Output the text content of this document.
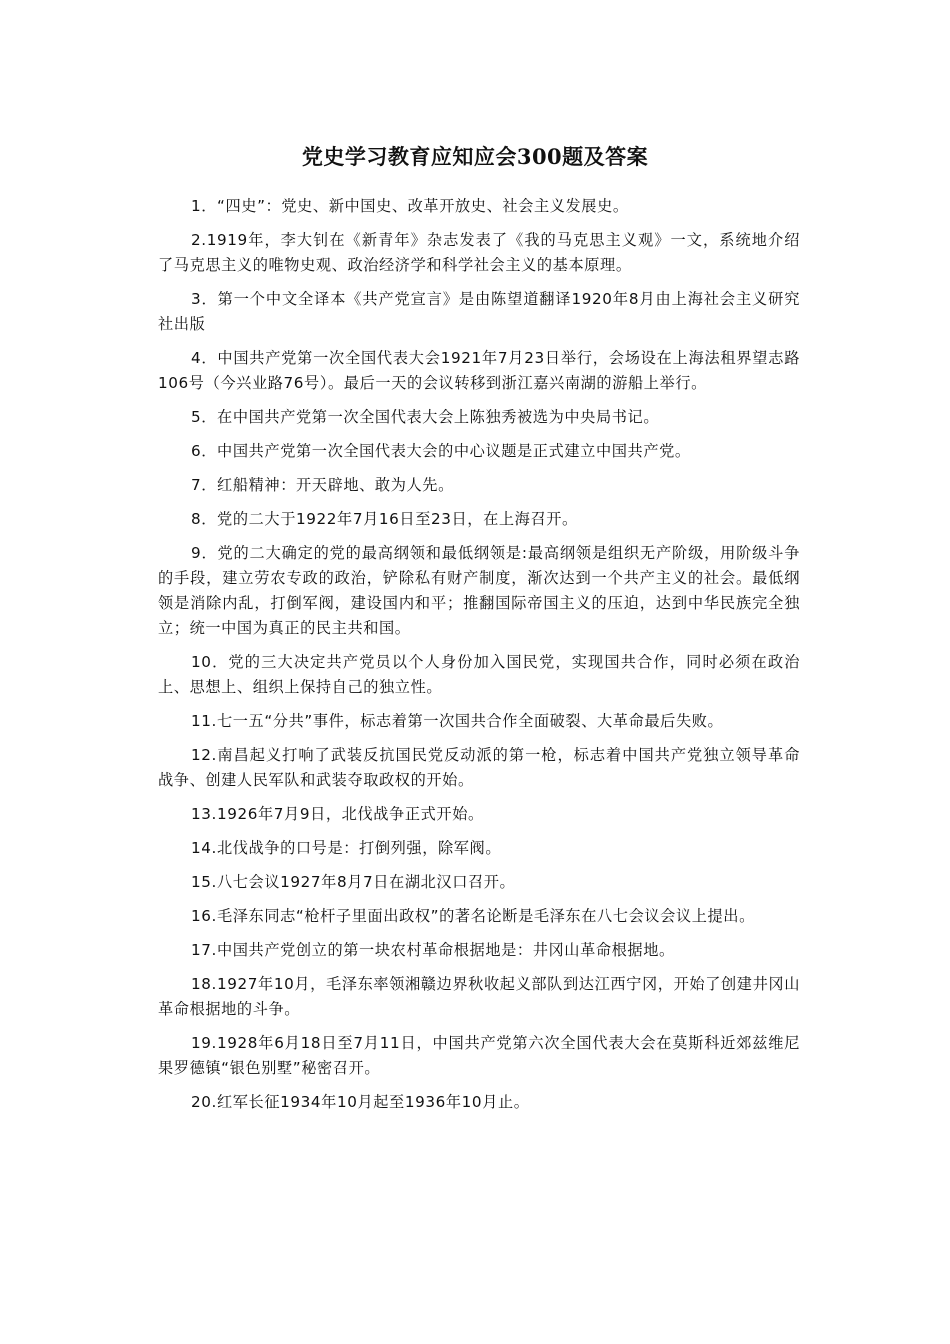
党史学习教育应知应会300题及答案

1．“四史”：党史、新中国史、改革开放史、社会主义发展史。

2.1919年，李大钊在《新青年》杂志发表了《我的马克思主义观》一文，系统地介绍了马克思主义的唯物史观、政治经济学和科学社会主义的基本原理。

3．第一个中文全译本《共产党宣言》是由陈望道翻译1920年8月由上海社会主义研究社出版

4．中国共产党第一次全国代表大会1921年7月23日举行，会场设在上海法租界望志路106号（今兴业路76号）。最后一天的会议转移到浙江嘉兴南湖的游船上举行。

5．在中国共产党第一次全国代表大会上陈独秀被选为中央局书记。

6．中国共产党第一次全国代表大会的中心议题是正式建立中国共产党。

7．红船精神：开天辟地、敢为人先。

8．党的二大于1922年7月16日至23日，在上海召开。

9．党的二大确定的党的最高纲领和最低纲领是:最高纲领是组织无产阶级，用阶级斗争的手段，建立劳农专政的政治，铲除私有财产制度，渐次达到一个共产主义的社会。最低纲领是消除内乱，打倒军阀，建设国内和平；推翻国际帝国主义的压迫，达到中华民族完全独立；统一中国为真正的民主共和国。

10．党的三大决定共产党员以个人身份加入国民党，实现国共合作，同时必须在政治上、思想上、组织上保持自己的独立性。

11.七一五“分共”事件，标志着第一次国共合作全面破裂、大革命最后失败。

12.南昌起义打响了武装反抗国民党反动派的第一枪，标志着中国共产党独立领导革命战争、创建人民军队和武装夺取政权的开始。

13.1926年7月9日，北伐战争正式开始。

14.北伐战争的口号是：打倒列强，除军阀。

15.八七会议1927年8月7日在湖北汉口召开。

16.毛泽东同志“枪杆子里面出政权”的著名论断是毛泽东在八七会议会议上提出。

17.中国共产党创立的第一块农村革命根据地是：井冈山革命根据地。

18.1927年10月，毛泽东率领湘赣边界秋收起义部队到达江西宁冈，开始了创建井冈山革命根据地的斗争。

19.1928年6月18日至7月11日，中国共产党第六次全国代表大会在莫斯科近郊兹维尼果罗德镇“银色别墅”秘密召开。

20.红军长征1934年10月起至1936年10月止。
